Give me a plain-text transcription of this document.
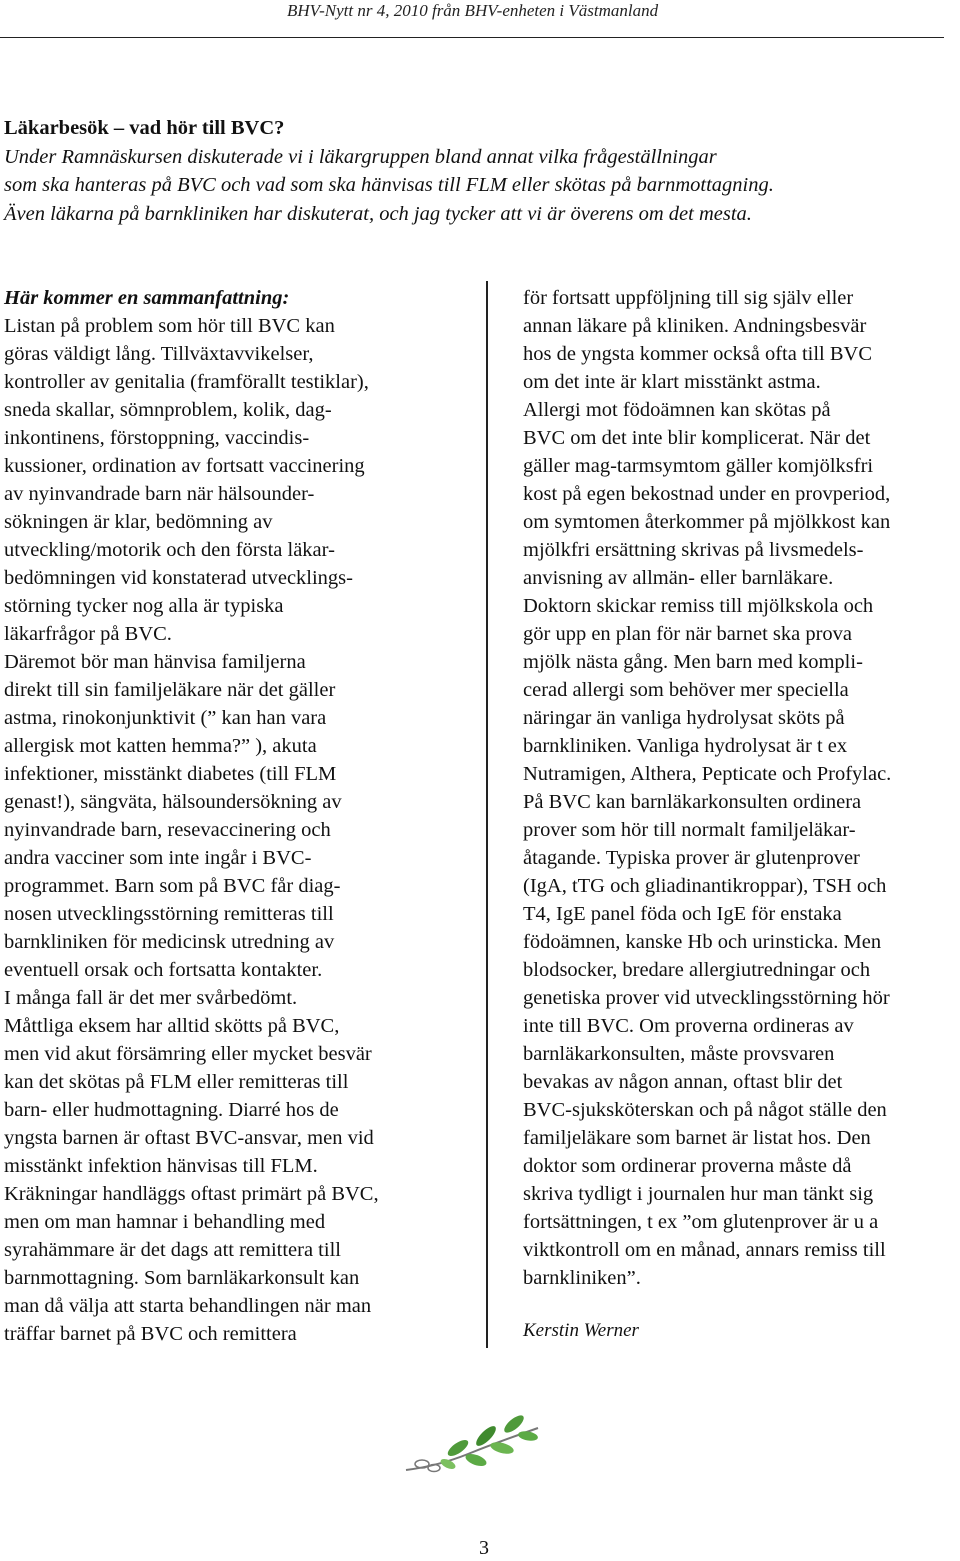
BHV-Nytt nr 4, 2010 från BHV-enheten i Västmanland
Läkarbesök – vad hör till BVC?
Under Ramnäskursen diskuterade vi i läkargruppen bland annat vilka frågeställningar
som ska hanteras på BVC och vad som ska hänvisas till FLM eller skötas på barnmottagning.
Även läkarna på barnkliniken har diskuterat, och jag tycker att vi är överens om det mesta.
Här kommer en sammanfattning:
Listan på problem som hör till BVC kan
göras väldigt lång. Tillväxtavvikelser,
kontroller av genitalia (framförallt testiklar),
sneda skallar, sömnproblem, kolik, dag-
inkontinens, förstoppning, vaccindis-
kussioner, ordination av fortsatt vaccinering
av nyinvandrade barn när hälsounder-
sökningen är klar, bedömning av
utveckling/motorik och den första läkar-
bedömningen vid konstaterad utvecklings-
störning tycker nog alla är typiska
läkarfrågor på BVC.
Däremot bör man hänvisa familjerna
direkt till sin familjeläkare när det gäller
astma, rinokonjunktivit (” kan han vara
allergisk mot katten hemma?” ), akuta
infektioner, misstänkt diabetes (till FLM
genast!), sängväta, hälsoundersökning av
nyinvandrade barn, resevaccinering och
andra vacciner som inte ingår i BVC-
programmet. Barn som på BVC får diag-
nosen utvecklingsstörning remitteras till
barnkliniken för medicinsk utredning av
eventuell orsak och fortsatta kontakter.
I många fall är det mer svårbedömt.
Måttliga eksem har alltid skötts på BVC,
men vid akut försämring eller mycket besvär
kan det skötas på FLM eller remitteras till
barn- eller hudmottagning. Diarré hos de
yngsta barnen är oftast BVC-ansvar, men vid
misstänkt infektion hänvisas till FLM.
Kräkningar handläggs oftast primärt på BVC,
men om man hamnar i behandling med
syrahämmare är det dags att remittera till
barnmottagning. Som barnläkarkonsult kan
man då välja att starta behandlingen när man
träffar barnet på BVC och remittera
för fortsatt uppföljning till sig själv eller
annan läkare på kliniken. Andningsbesvär
hos de yngsta kommer också ofta till BVC
om det inte är klart misstänkt astma.
Allergi mot födoämnen kan skötas på
BVC om det inte blir komplicerat. När det
gäller mag-tarmsymtom gäller komjölksfri
kost på egen bekostnad under en provperiod,
om symtomen återkommer på mjölkkost kan
mjölkfri ersättning skrivas på livsmedels-
anvisning av allmän- eller barnläkare.
Doktorn skickar remiss till mjölkskola och
gör upp en plan för när barnet ska prova
mjölk nästa gång. Men barn med kompli-
cerad allergi som behöver mer speciella
näringar än vanliga hydrolysat sköts på
barnkliniken. Vanliga hydrolysat är t ex
Nutramigen, Althera, Pepticate och Profylac.
På BVC kan barnläkarkonsulten ordinera
prover som hör till normalt familjeläkar-
åtagande. Typiska prover är glutenprover
(IgA, tTG och gliadinantikroppar), TSH och
T4, IgE panel föda och IgE för enstaka
födoämnen, kanske Hb och urinsticka. Men
blodsocker, bredare allergiutredningar och
genetiska prover vid utvecklingsstörning hör
inte till BVC. Om proverna ordineras av
barnläkarkonsulten, måste provsvaren
bevakas av någon annan, oftast blir det
BVC-sjuksköterskan och på något ställe den
familjeläkare som barnet är listat hos. Den
doktor som ordinerar proverna måste då
skriva tydligt i journalen hur man tänkt sig
fortsättningen, t ex ”om glutenprover är u a
viktkontroll om en månad, annars remiss till
barnkliniken”.
Kerstin Werner
3
